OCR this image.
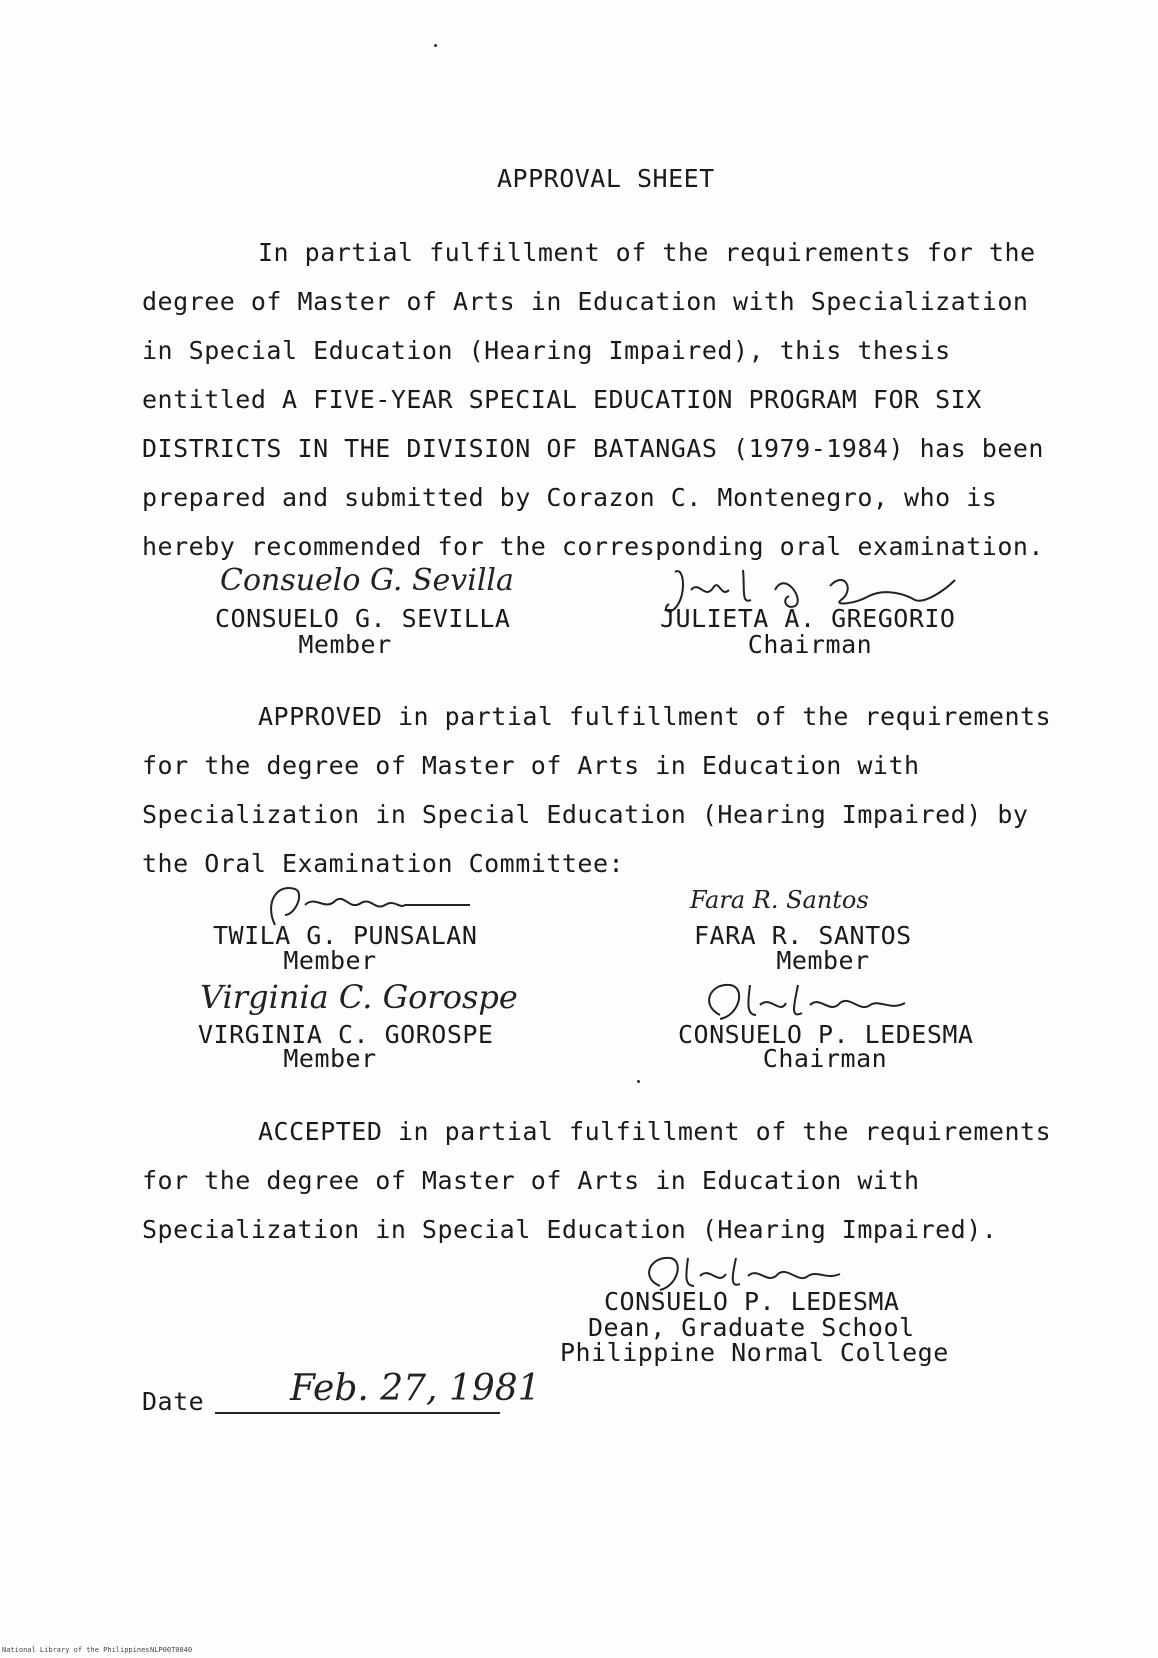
APPROVAL SHEET
In partial fulfillment of the requirements for the
degree of Master of Arts in Education with Specialization
in Special Education (Hearing Impaired), this thesis
entitled A FIVE-YEAR SPECIAL EDUCATION PROGRAM FOR SIX
DISTRICTS IN THE DIVISION OF BATANGAS (1979-1984) has been
prepared and submitted by Corazon C. Montenegro, who is
hereby recommended for the corresponding oral examination.
Consuelo G. Sevilla
CONSUELO G. SEVILLA
Member
JULIETA A. GREGORIO
Chairman
APPROVED in partial fulfillment of the requirements
for the degree of Master of Arts in Education with
Specialization in Special Education (Hearing Impaired) by
the Oral Examination Committee:
TWILA G. PUNSALAN
Member
Fara R. Santos
FARA R. SANTOS
Member
Virginia C. Gorospe
VIRGINIA C. GOROSPE
Member
CONSUELO P. LEDESMA
Chairman
ACCEPTED in partial fulfillment of the requirements
for the degree of Master of Arts in Education with
Specialization in Special Education (Hearing Impaired).
CONSUELO P. LEDESMA
Dean, Graduate School
Philippine Normal College
Date Feb. 27, 1981
National Library of the Philippines NLP00T0040
